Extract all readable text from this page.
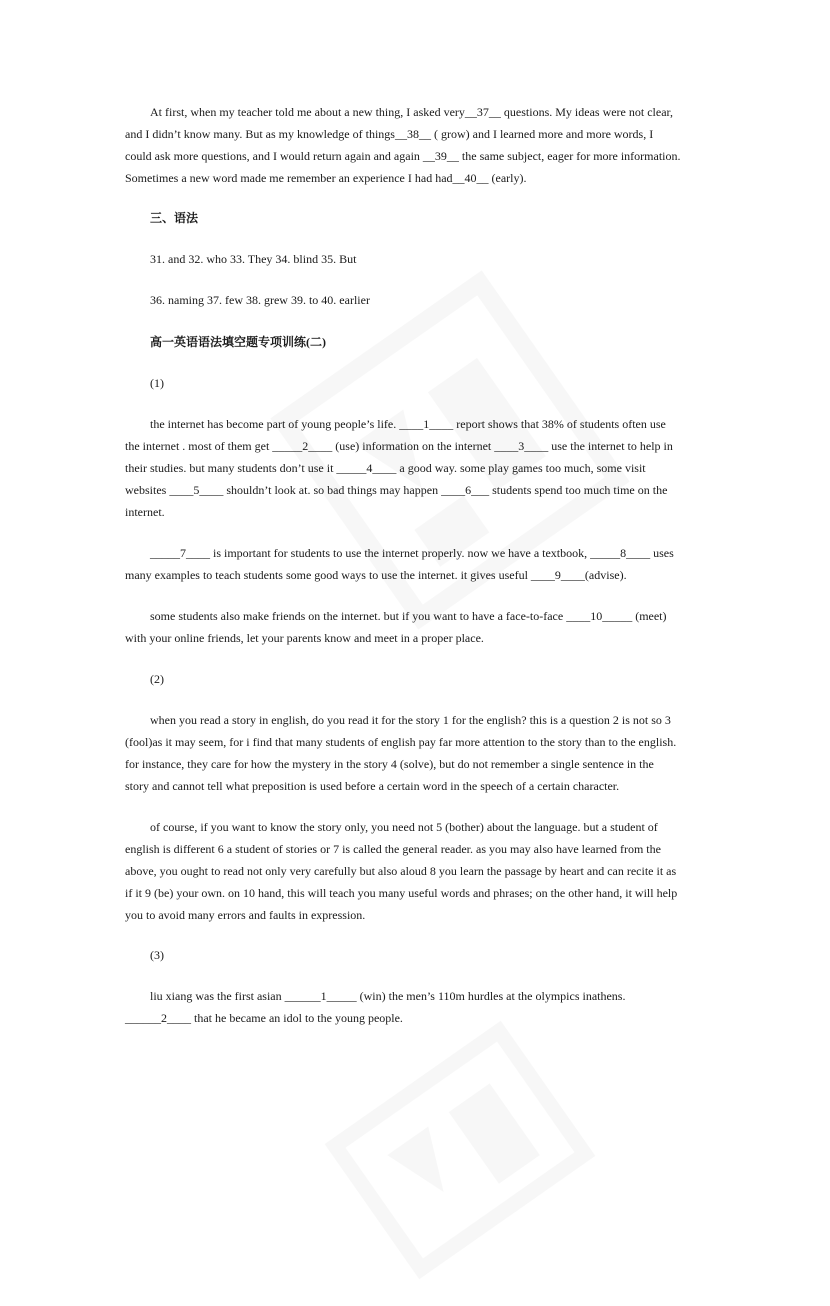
At first, when my teacher told me about a new thing, I asked very__37__ questions. My ideas were not clear,
and I didn’t know many. But as my knowledge of things__38__ ( grow) and I learned more and more words, I
could ask more questions, and I would return again and again __39__ the same subject, eager for more information.
Sometimes a new word made me remember an experience I had had__40__ (early).

三、语法

31. and 32. who 33. They 34. blind 35. But

36. naming 37. few 38. grew 39. to 40. earlier

高一英语语法填空题专项训练(二)

(1)

the internet has become part of young people’s life. ____1____ report shows that 38% of students often use
the internet . most of them get _____2____ (use) information on the internet ____3____ use the internet to help in
their studies. but many students don’t use it _____4____ a good way. some play games too much, some visit
websites ____5____ shouldn’t look at. so bad things may happen ____6___ students spend too much time on the
internet.

_____7____ is important for students to use the internet properly. now we have a textbook, _____8____ uses
many examples to teach students some good ways to use the internet. it gives useful ____9____(advise).

some students also make friends on the internet. but if you want to have a face-to-face ____10_____ (meet)
with your online friends, let your parents know and meet in a proper place.

(2)

when you read a story in english, do you read it for the story 1 for the english? this is a question 2 is not so 3
(fool)as it may seem, for i find that many students of english pay far more attention to the story than to the english.
for instance, they care for how the mystery in the story 4 (solve), but do not remember a single sentence in the
story and cannot tell what preposition is used before a certain word in the speech of a certain character.

of course, if you want to know the story only, you need not 5 (bother) about the language. but a student of
english is different 6 a student of stories or 7 is called the general reader. as you may also have learned from the
above, you ought to read not only very carefully but also aloud 8 you learn the passage by heart and can recite it as
if it 9 (be) your own. on 10 hand, this will teach you many useful words and phrases; on the other hand, it will help
you to avoid many errors and faults in expression.

(3)

liu xiang was the first asian ______1_____ (win) the men’s 110m hurdles at the olympics inathens.
______2____ that he became an idol to the young people.
